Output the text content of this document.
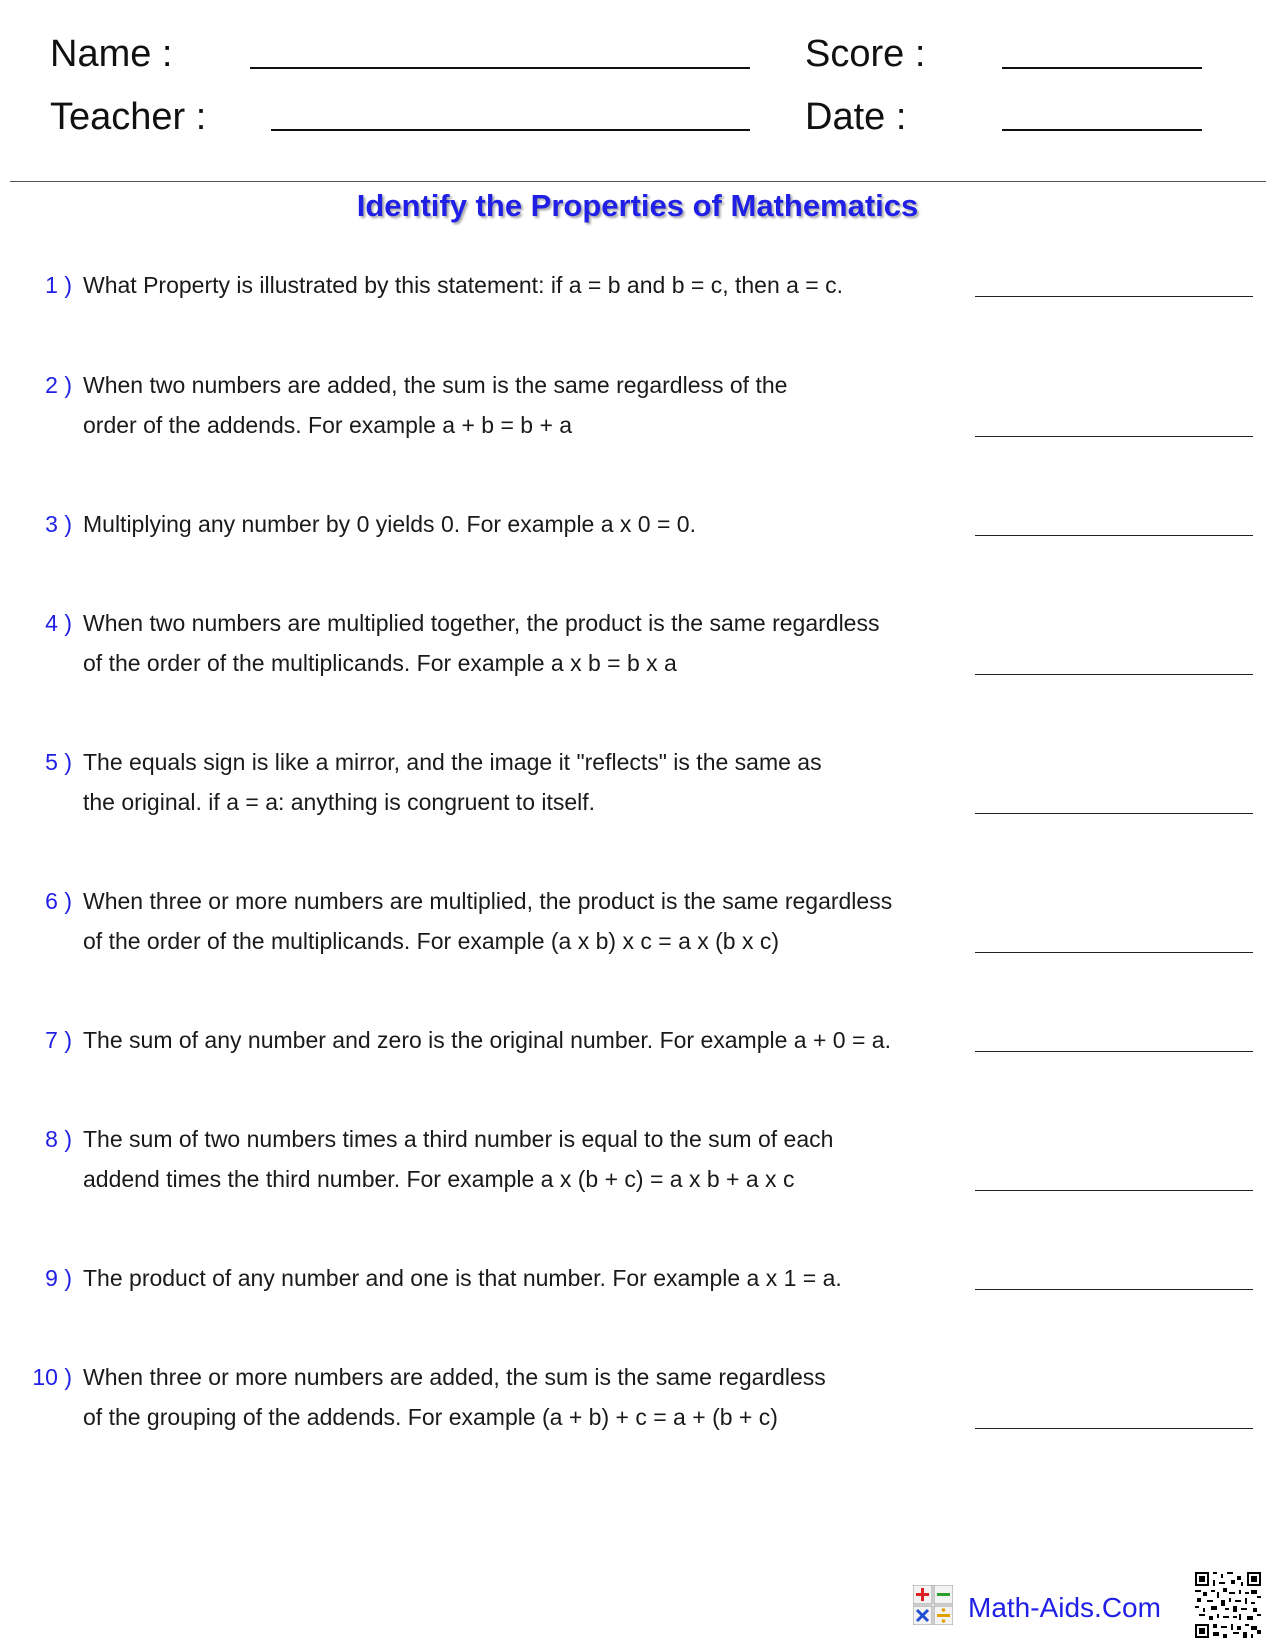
Name :	Score :
Teacher :	Date :
Identify the Properties of Mathematics
1 ) What Property is illustrated by this statement: if a = b and b = c, then a = c.
2 ) When two numbers are added, the sum is the same regardless of the
order of the addends. For example a + b = b + a
3 ) Multiplying any number by 0 yields 0. For example a x 0 = 0.
4 ) When two numbers are multiplied together, the product is the same regardless
of the order of the multiplicands. For example a x b = b x a
5 ) The equals sign is like a mirror, and the image it "reflects" is the same as
the original. if a = a: anything is congruent to itself.
6 ) When three or more numbers are multiplied, the product is the same regardless
of the order of the multiplicands. For example (a x b) x c = a x (b x c)
7 ) The sum of any number and zero is the original number. For example a + 0 = a.
8 ) The sum of two numbers times a third number is equal to the sum of each
addend times the third number. For example a x (b + c) = a x b + a x c
9 ) The product of any number and one is that number. For example a x 1 = a.
10 ) When three or more numbers are added, the sum is the same regardless
of the grouping of the addends. For example (a + b) + c = a + (b + c)
Math-Aids.Com
